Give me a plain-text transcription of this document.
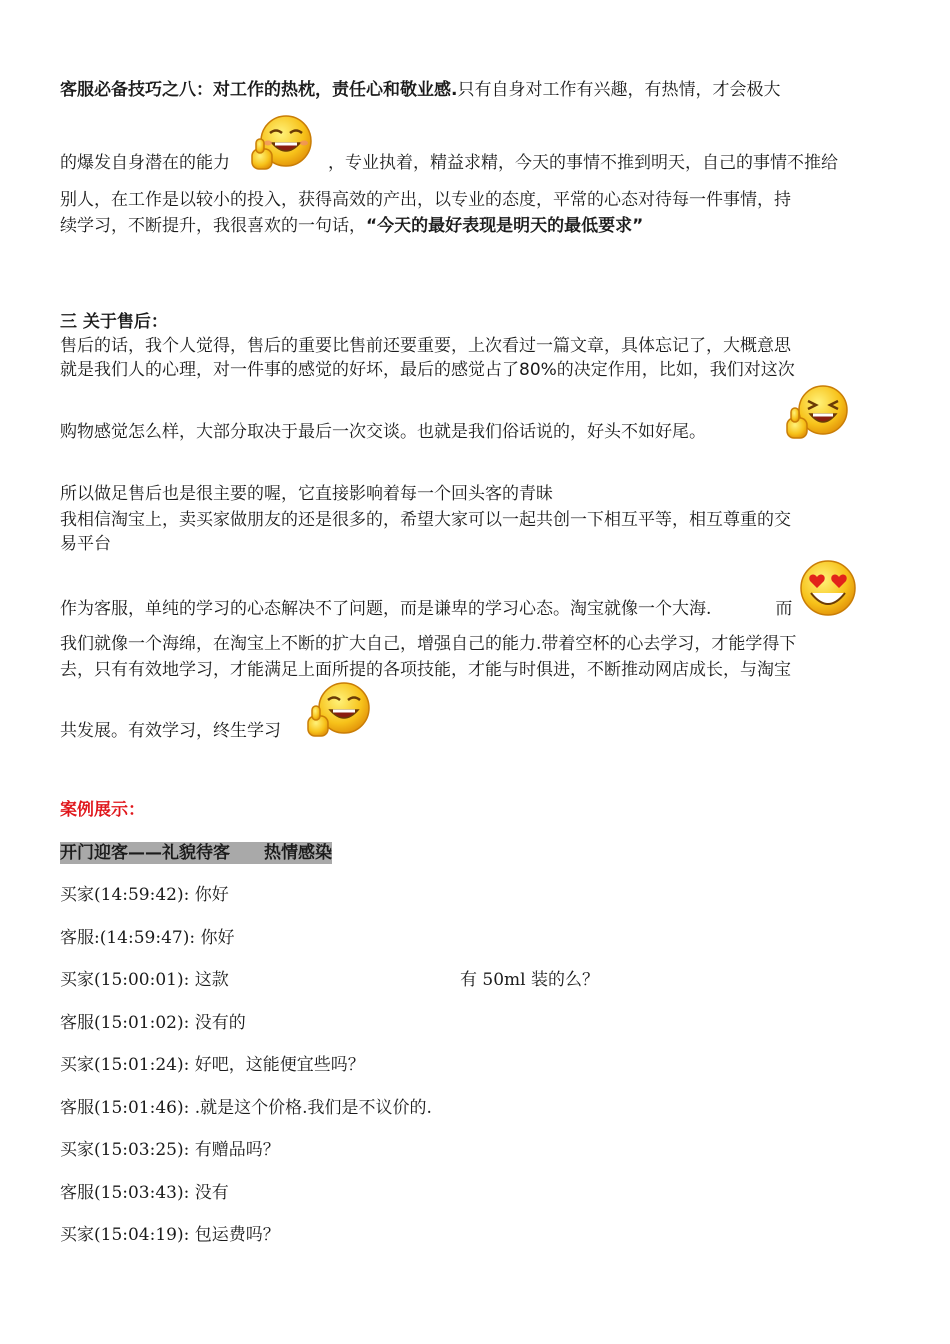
客服必备技巧之八：对工作的热枕，责任心和敬业感.只有自身对工作有兴趣，有热情，才会极大
的爆发自身潜在的能力	，专业执着，精益求精，今天的事情不推到明天，自己的事情不推给
别人，在工作是以较小的投入，获得高效的产出，以专业的态度，平常的心态对待每一件事情，持
续学习，不断提升，我很喜欢的一句话，“今天的最好表现是明天的最低要求”
三 关于售后：
售后的话，我个人觉得，售后的重要比售前还要重要，上次看过一篇文章，具体忘记了，大概意思
就是我们人的心理，对一件事的感觉的好坏，最后的感觉占了80%的决定作用，比如，我们对这次
购物感觉怎么样，大部分取决于最后一次交谈。也就是我们俗话说的，好头不如好尾。
所以做足售后也是很主要的喔，它直接影响着每一个回头客的青昧
我相信淘宝上，卖买家做朋友的还是很多的，希望大家可以一起共创一下相互平等，相互尊重的交
易平台
作为客服，单纯的学习的心态解决不了问题，而是谦卑的学习心态。淘宝就像一个大海.	而
我们就像一个海绵，在淘宝上不断的扩大自己，增强自己的能力.带着空杯的心去学习，才能学得下
去，只有有效地学习，才能满足上面所提的各项技能，才能与时俱进，不断推动网店成长，与淘宝
共发展。有效学习，终生学习
案例展示：
开门迎客——礼貌待客　　热情感染
买家(14:59:42): 你好
客服:(14:59:47): 你好
买家(15:00:01): 这款	有 50ml 装的么？
客服(15:01:02): 没有的
买家(15:01:24): 好吧，这能便宜些吗？
客服(15:01:46): .就是这个价格.我们是不议价的.
买家(15:03:25): 有赠品吗？
客服(15:03:43): 没有
买家(15:04:19): 包运费吗？
